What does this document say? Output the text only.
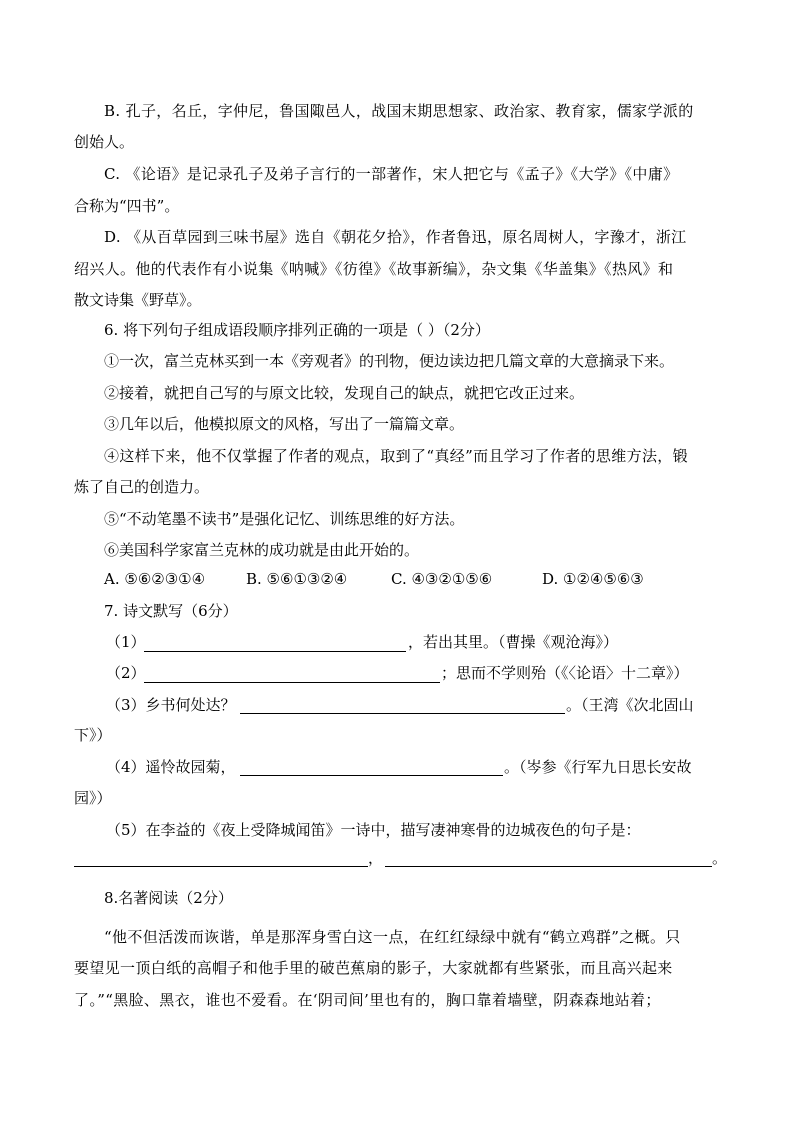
B. 孔子，名丘，字仲尼，鲁国陬邑人，战国末期思想家、政治家、教育家，儒家学派的
创始人。
C. 《论语》是记录孔子及弟子言行的一部著作，宋人把它与《孟子》《大学》《中庸》
合称为“四书”。
D. 《从百草园到三味书屋》选自《朝花夕拾》，作者鲁迅，原名周树人，字豫才，浙江
绍兴人。他的代表作有小说集《呐喊》《彷徨》《故事新编》，杂文集《华盖集》《热风》和
散文诗集《野草》。
6. 将下列句子组成语段顺序排列正确的一项是（ ）（2分）
①一次，富兰克林买到一本《旁观者》的刊物，便边读边把几篇文章的大意摘录下来。
②接着，就把自己写的与原文比较，发现自己的缺点，就把它改正过来。
③几年以后，他模拟原文的风格，写出了一篇篇文章。
④这样下来，他不仅掌握了作者的观点，取到了“真经”而且学习了作者的思维方法，锻
炼了自己的创造力。
⑤“不动笔墨不读书”是强化记忆、训练思维的好方法。
⑥美国科学家富兰克林的成功就是由此开始的。
A. ⑤⑥②③①④	B. ⑤⑥①③②④	C. ④③②①⑤⑥	D. ①②④⑤⑥③
7. 诗文默写（6分）
（1）	，若出其里。（曹操《观沧海》）
（2）	；思而不学则殆（《〈论语〉十二章》）
（3）乡书何处达？	。（王湾《次北固山
下》）
（4）遥怜故园菊，	。（岑参《行军九日思长安故
园》）
（5）在李益的《夜上受降城闻笛》一诗中，描写凄神寒骨的边城夜色的句子是：
，	。
8.名著阅读（2分）
“他不但活泼而诙谐，单是那浑身雪白这一点，在红红绿绿中就有“鹤立鸡群”之概。只
要望见一顶白纸的高帽子和他手里的破芭蕉扇的影子，大家就都有些紧张，而且高兴起来
了。”“黑脸、黑衣，谁也不爱看。在‘阴司间’里也有的，胸口靠着墙壁，阴森森地站着；
